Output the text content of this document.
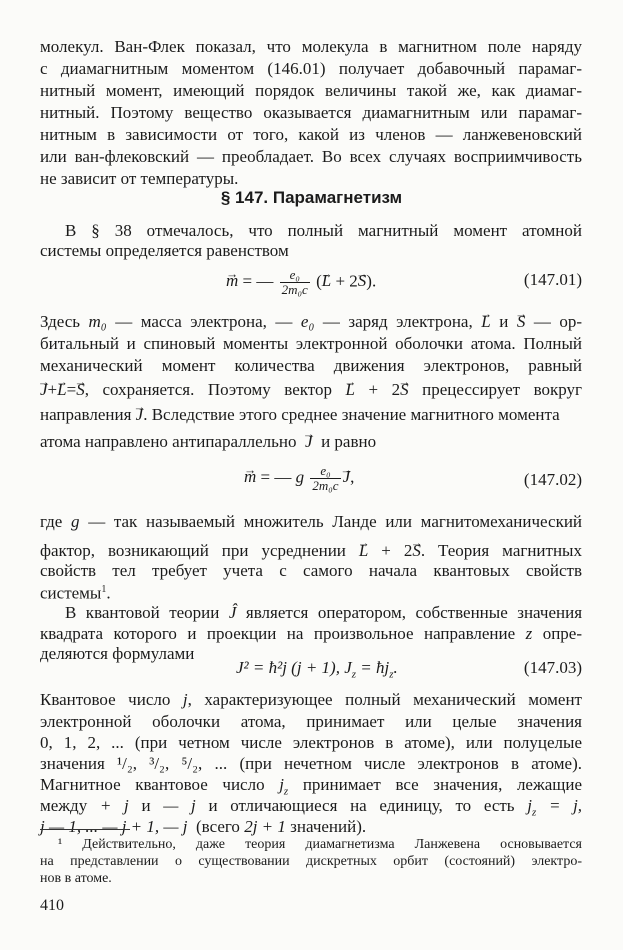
молекул. Ван-Флек показал, что молекула в магнитном поле наряду
с диамагнитным моментом (146.01) получает добавочный парамаг-
нитный момент, имеющий порядок величины такой же, как диамаг-
нитный. Поэтому вещество оказывается диамагнитным или парамаг-
нитным в зависимости от того, какой из членов — ланжевеновский
или ван-флековский — преобладает. Во всех случаях восприимчивость
не зависит от температуры.
§ 147. Парамагнетизм
В § 38 отмечалось, что полный магнитный момент атомной
системы определяется равенством
→ m = — $\frac{\text{e₀}}{\text{2m₀c}}$ (→ L + 2→ S).	(147.01)
Здесь m₀ — масса электрона, — e₀ — заряд электрона, → L и → S — ор-
битальный и спиновый моменты электронной оболочки атома. Полный
механический момент количества движения электронов, равный
→ J+→ L=→ S, сохраняется. Поэтому вектор → L + 2→ S прецессирует вокруг
направления → J. Вследствие этого среднее значение магнитного момента
атома направлено антипараллельно → J и равно
→ m = — g $\frac{\text{e₀}}{\text{2m₀c}} \to J$,	(147.02)
где g — так называемый множитель Ланде или магнитомеханический
фактор, возникающий при усреднении → L + 2→ S. Теория магнитных
свойств тел требует учета с самого начала квантовых свойств
системы$^1$.
В квантовой теории Ĵ является оператором, собственные значения
квадрата которого и проекции на произвольное направление z опре-
деляются формулами
J² = ħ²j (j + 1), $J_z$ = $ħj_z$.	(147.03)
Квантовое число j, характеризующее полный механический момент
электронной оболочки атома, принимает или целые значения
0, 1, 2, ... (при четном числе электронов в атоме), или полуцелые
значения ¹/₂, ³/₂, ⁵/₂, ... (при нечетном числе электронов в атоме).
Магнитное квантовое число $j_z$ принимает все значения, лежащие
между + j и — j и отличающиеся на единицу, то есть $j_z = j$,
j — 1, ... — j + 1, — j (всего 2j + 1 значений).
¹ Действительно, даже теория диамагнетизма Ланжевена основывается
на представлении о существовании дискретных орбит (состояний) электро-
нов в атоме.
410
